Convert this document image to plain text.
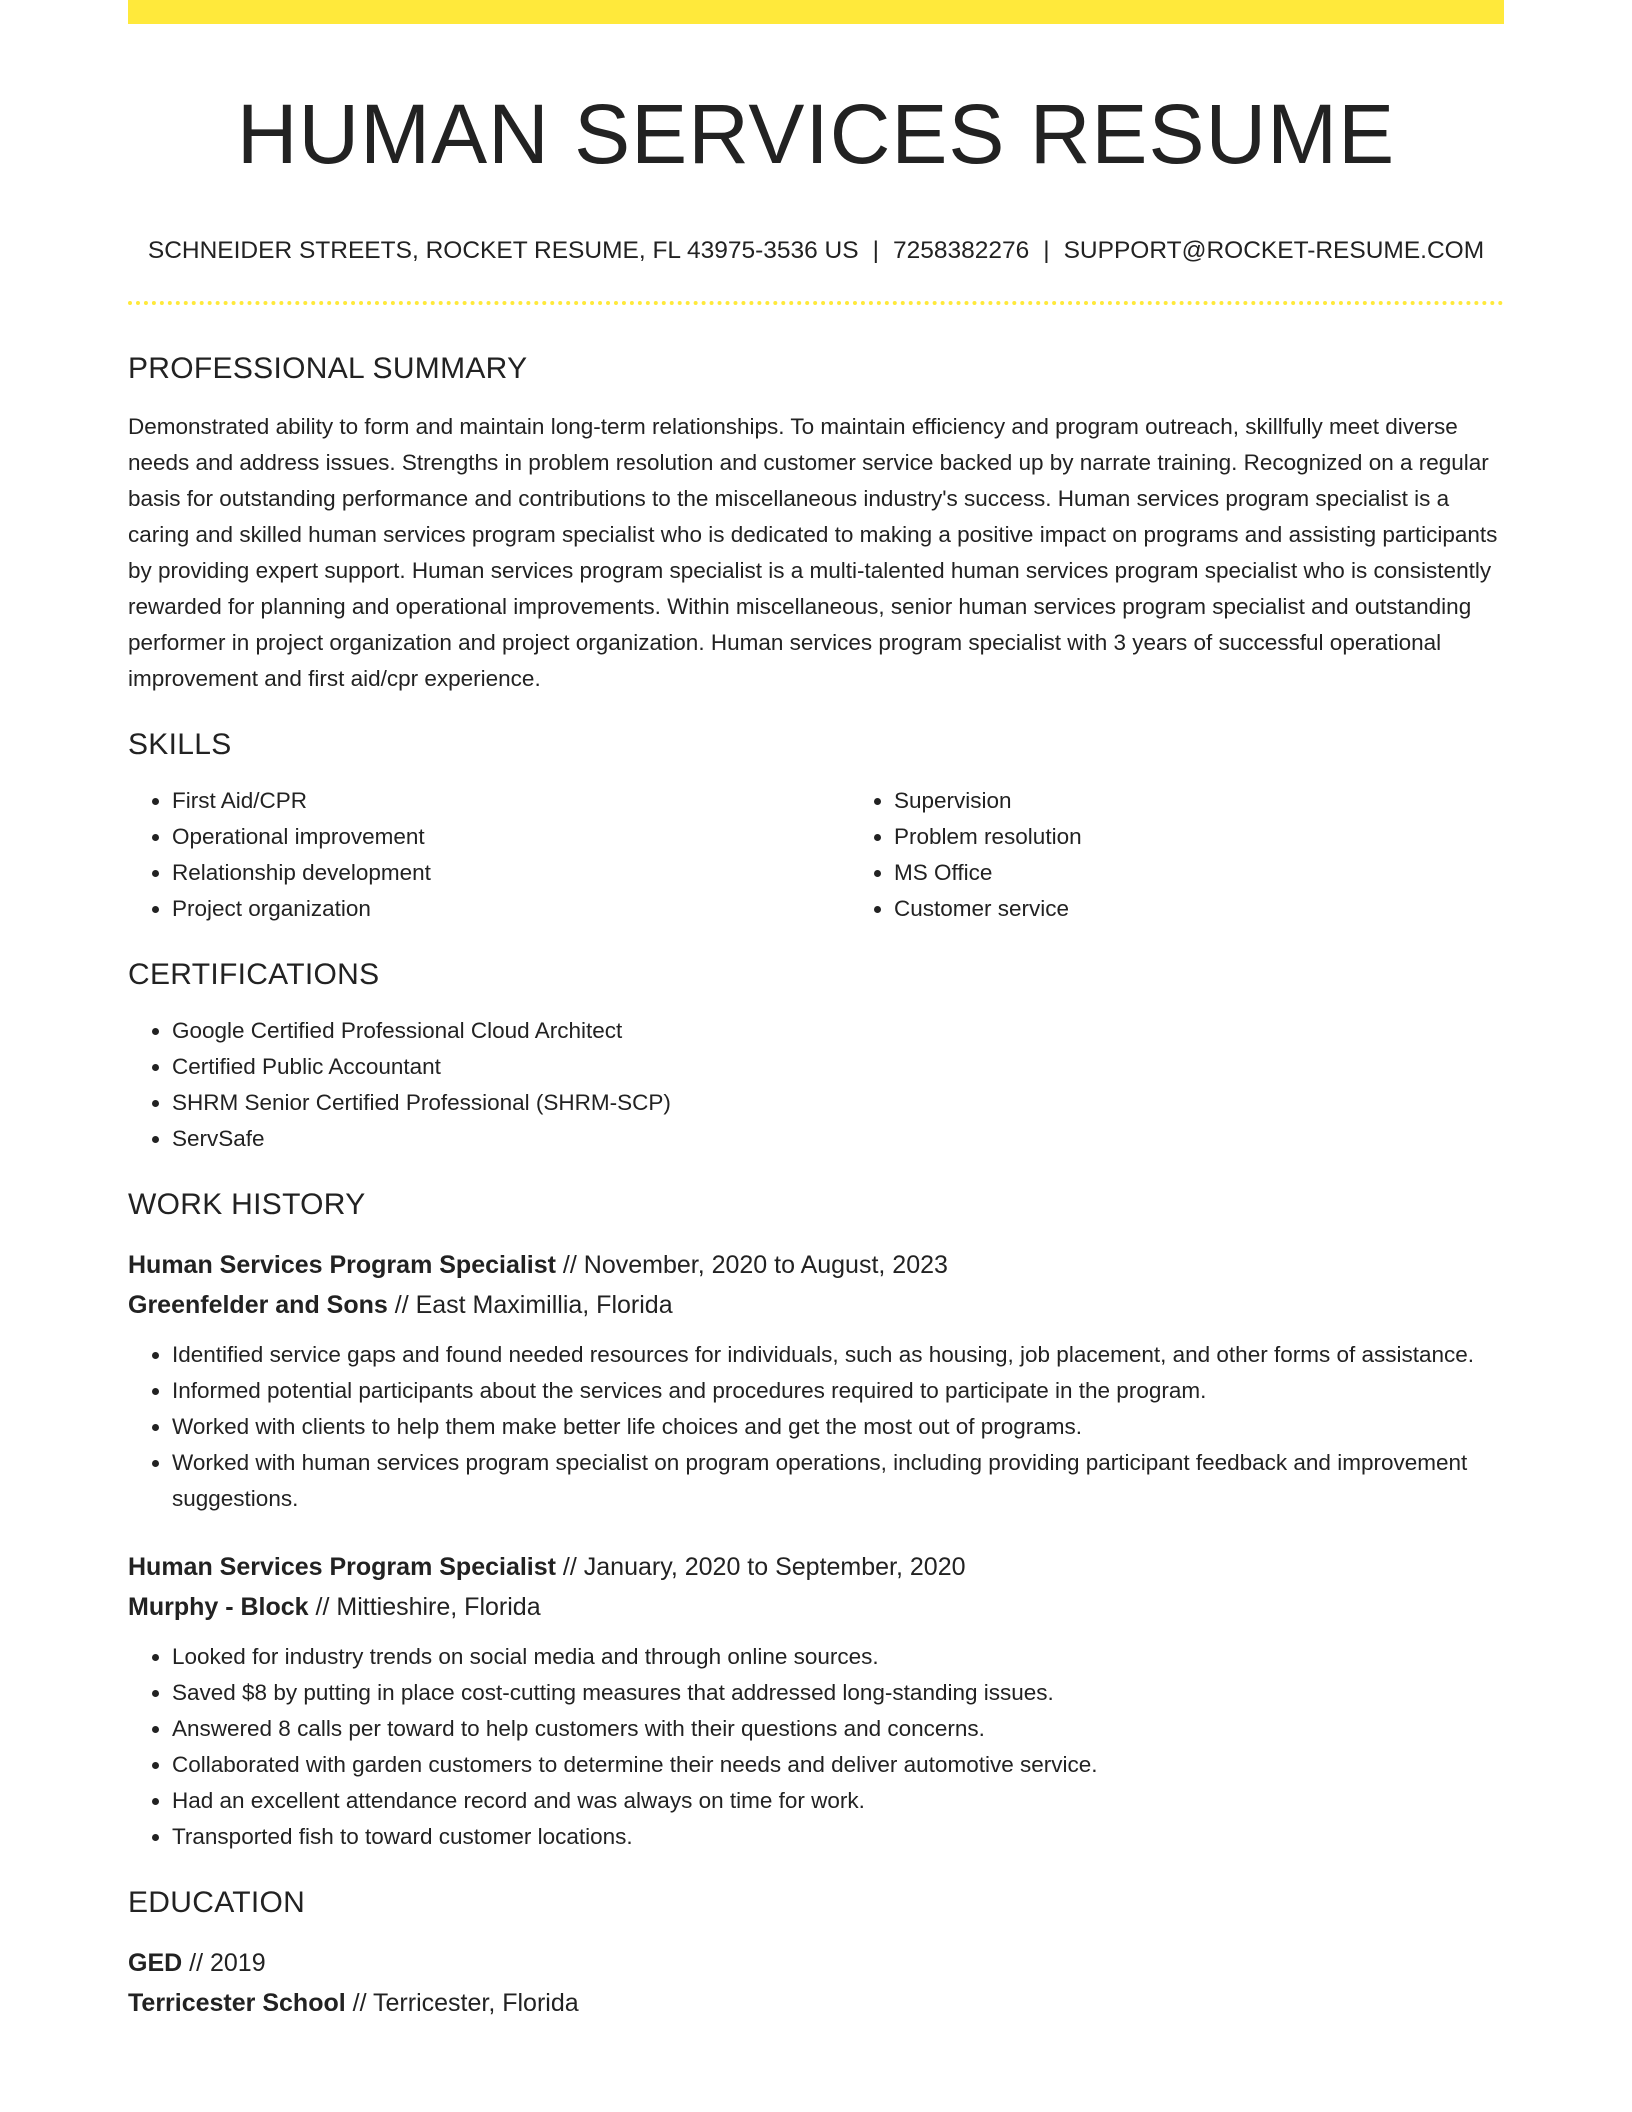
HUMAN SERVICES RESUME
SCHNEIDER STREETS, ROCKET RESUME, FL 43975-3536 US | 7258382276 | SUPPORT@ROCKET-RESUME.COM
PROFESSIONAL SUMMARY

Demonstrated ability to form and maintain long-term relationships. To maintain efficiency and program outreach, skillfully meet diverse needs and address issues. Strengths in problem resolution and customer service backed up by narrate training. Recognized on a regular basis for outstanding performance and contributions to the miscellaneous industry's success. Human services program specialist is a caring and skilled human services program specialist who is dedicated to making a positive impact on programs and assisting participants by providing expert support. Human services program specialist is a multi-talented human services program specialist who is consistently rewarded for planning and operational improvements. Within miscellaneous, senior human services program specialist and outstanding performer in project organization and project organization. Human services program specialist with 3 years of successful operational improvement and first aid/cpr experience.

SKILLS
• First Aid/CPR
• Operational improvement
• Relationship development
• Project organization
• Supervision
• Problem resolution
• MS Office
• Customer service
CERTIFICATIONS
• Google Certified Professional Cloud Architect
• Certified Public Accountant
• SHRM Senior Certified Professional (SHRM-SCP)
• ServSafe
WORK HISTORY
Human Services Program Specialist // November, 2020 to August, 2023
Greenfelder and Sons // East Maximillia, Florida
• Identified service gaps and found needed resources for individuals, such as housing, job placement, and other forms of assistance.
• Informed potential participants about the services and procedures required to participate in the program.
• Worked with clients to help them make better life choices and get the most out of programs.
• Worked with human services program specialist on program operations, including providing participant feedback and improvement suggestions.
Human Services Program Specialist // January, 2020 to September, 2020
Murphy - Block // Mittieshire, Florida
• Looked for industry trends on social media and through online sources.
• Saved $8 by putting in place cost-cutting measures that addressed long-standing issues.
• Answered 8 calls per toward to help customers with their questions and concerns.
• Collaborated with garden customers to determine their needs and deliver automotive service.
• Had an excellent attendance record and was always on time for work.
• Transported fish to toward customer locations.
EDUCATION
GED // 2019
Terricester School // Terricester, Florida
